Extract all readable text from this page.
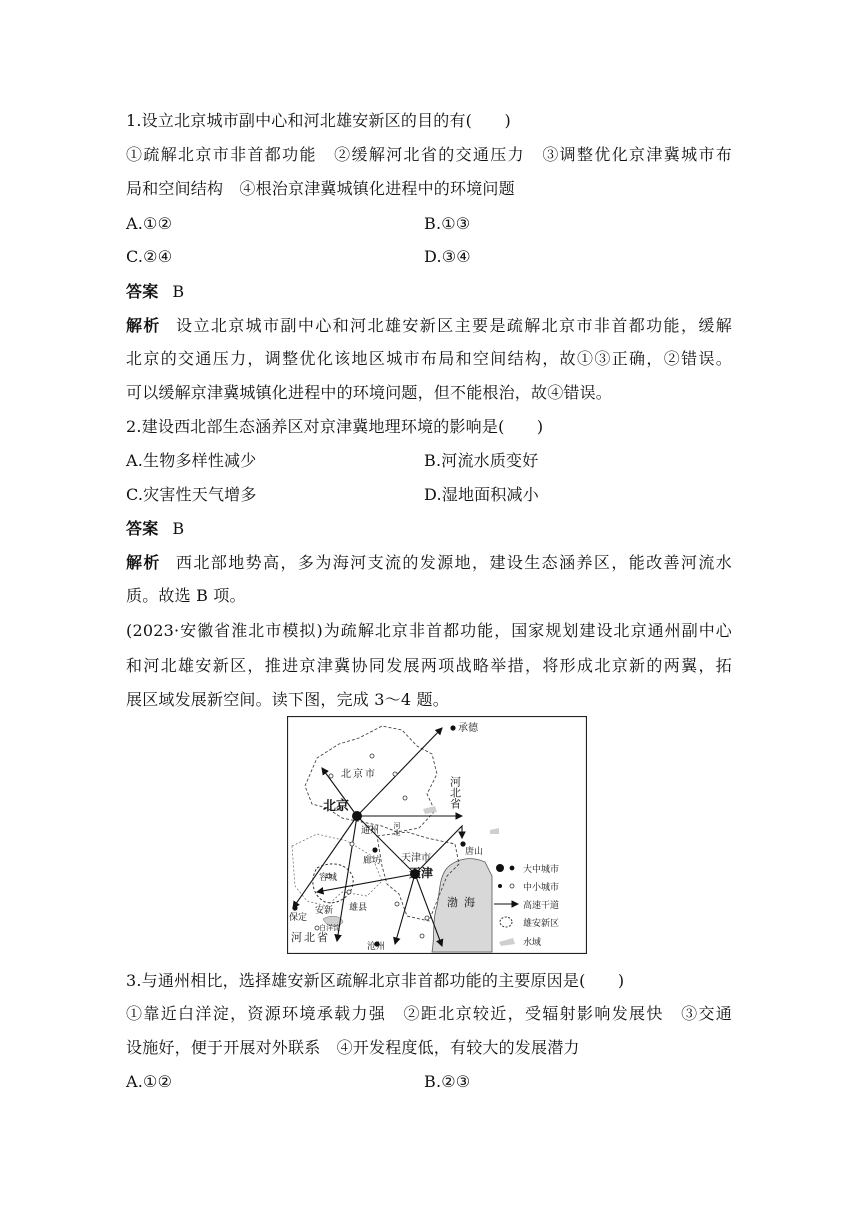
1.设立北京城市副中心和河北雄安新区的目的有(　　)
①疏解北京市非首都功能　②缓解河北省的交通压力　③调整优化京津冀城市布
局和空间结构　④根治京津冀城镇化进程中的环境问题
A.①②	B.①③
C.②④	D.③④
答案 B
解析 设立北京城市副中心和河北雄安新区主要是疏解北京市非首都功能，缓解
北京的交通压力，调整优化该地区城市布局和空间结构，故①③正确，②错误。
可以缓解京津冀城镇化进程中的环境问题，但不能根治，故④错误。
2.建设西北部生态涵养区对京津冀地理环境的影响是(　　)
A.生物多样性减少	B.河流水质变好
C.灾害性天气增多	D.湿地面积减小
答案 B
解析 西北部地势高，多为海河支流的发源地，建设生态涵养区，能改善河流水
质。故选 B 项。
(2023·安徽省淮北市模拟)为疏解北京非首都功能，国家规划建设北京通州副中心
和河北雄安新区，推进京津冀协同发展两项战略举措，将形成北京新的两翼，拓
展区域发展新空间。读下图，完成 3～4 题。
承德
河北省
北京市
北京
通州 河北
廊坊 天津市
天津
唐山
容城
雄县
安新
白洋淀
保定
河北省
沧州
渤海
大中城市
中小城市
高速干道
雄安新区
水域
3.与通州相比，选择雄安新区疏解北京非首都功能的主要原因是(　　)
①靠近白洋淀，资源环境承载力强　②距北京较近，受辐射影响发展快　③交通
设施好，便于开展对外联系　④开发程度低，有较大的发展潜力
A.①②	B.②③
